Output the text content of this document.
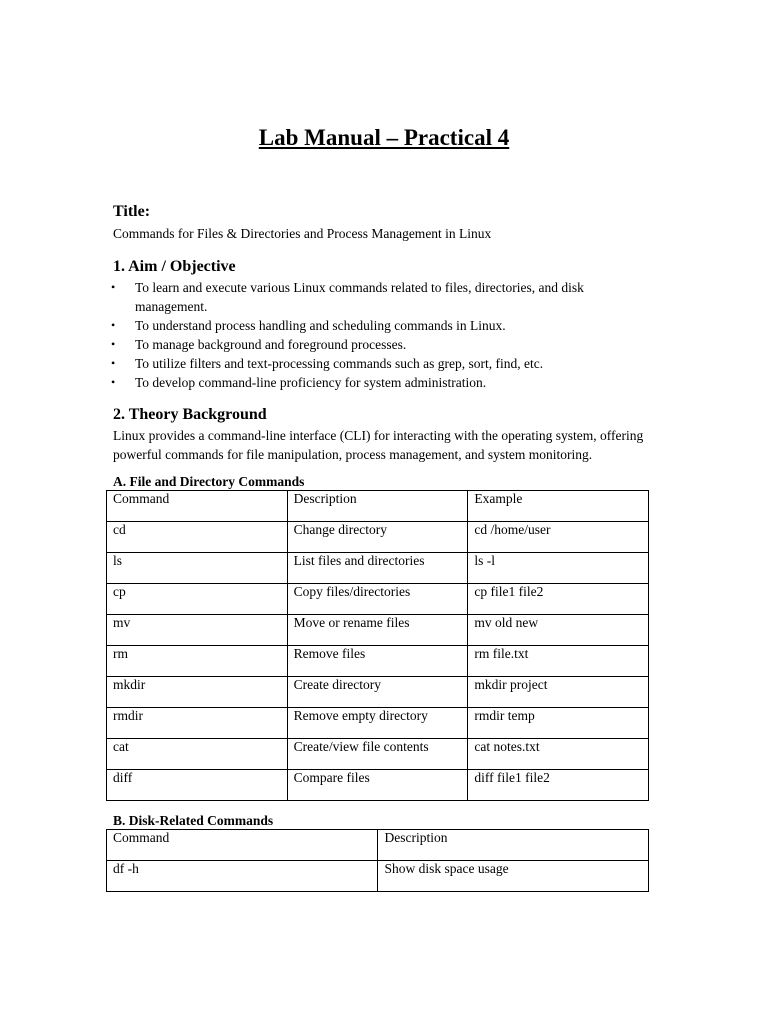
Lab Manual – Practical 4

Title:

Commands for Files & Directories and Process Management in Linux

1. Aim / Objective

• To learn and execute various Linux commands related to files, directories, and disk management.
• To understand process handling and scheduling commands in Linux.
• To manage background and foreground processes.
• To utilize filters and text-processing commands such as grep, sort, find, etc.
• To develop command-line proficiency for system administration.

2. Theory Background

Linux provides a command-line interface (CLI) for interacting with the operating system, offering powerful commands for file manipulation, process management, and system monitoring.

A. File and Directory Commands

Command	Description	Example
cd	Change directory	cd /home/user
ls	List files and directories	ls -l
cp	Copy files/directories	cp file1 file2
mv	Move or rename files	mv old new
rm	Remove files	rm file.txt
mkdir	Create directory	mkdir project
rmdir	Remove empty directory	rmdir temp
cat	Create/view file contents	cat notes.txt
diff	Compare files	diff file1 file2

B. Disk-Related Commands

Command	Description
df -h	Show disk space usage
